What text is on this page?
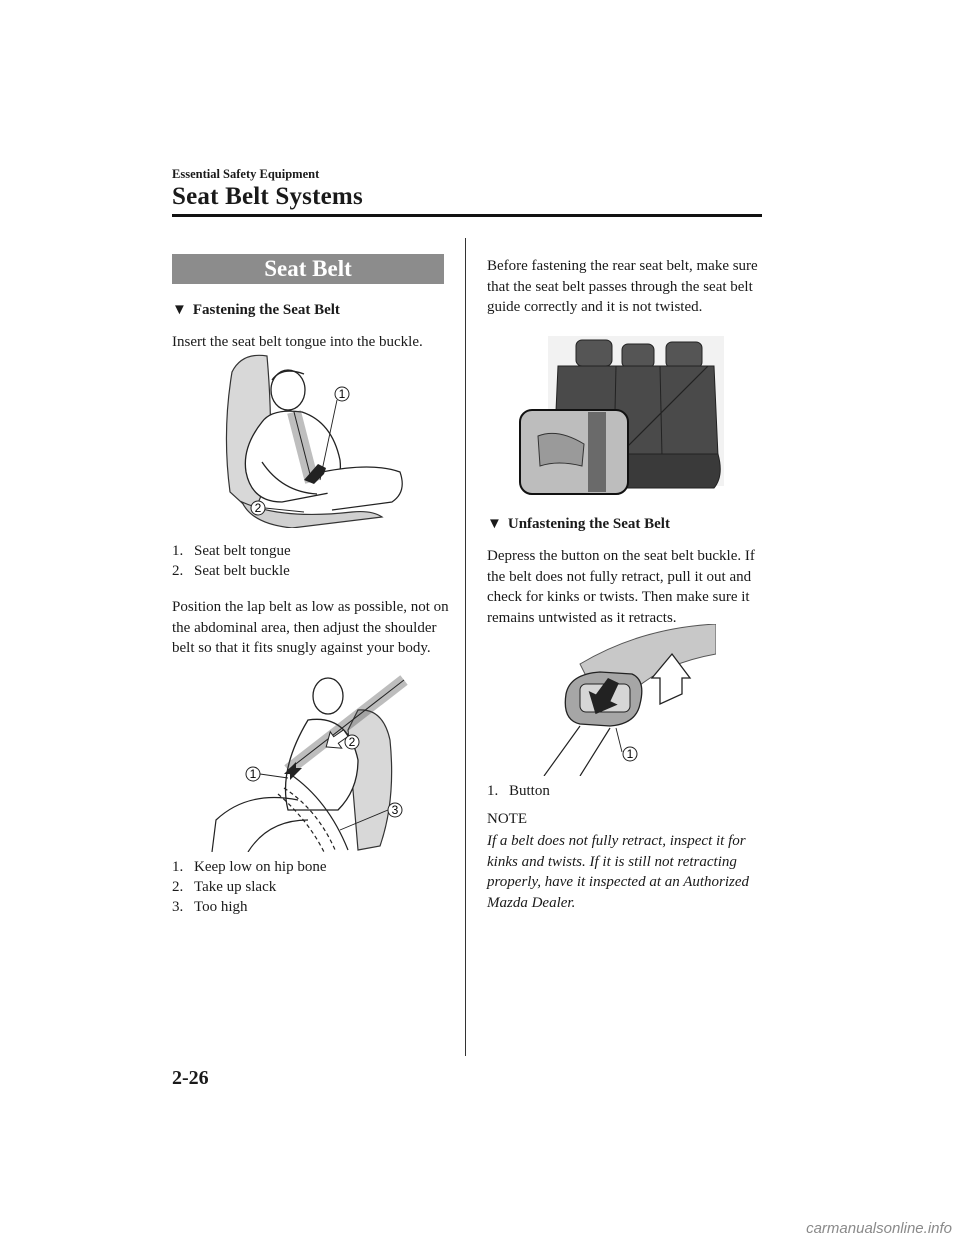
Essential Safety Equipment
Seat Belt Systems
Seat Belt
▼ Fastening the Seat Belt
Insert the seat belt tongue into the buckle.
1
2
1. Seat belt tongue
2. Seat belt buckle
Position the lap belt as low as possible, not on the abdominal area, then adjust the shoulder belt so that it fits snugly against your body.
2
1
3
1. Keep low on hip bone
2. Take up slack
3. Too high
Before fastening the rear seat belt, make sure that the seat belt passes through the seat belt guide correctly and it is not twisted.
▼ Unfastening the Seat Belt
Depress the button on the seat belt buckle. If the belt does not fully retract, pull it out and check for kinks or twists. Then make sure it remains untwisted as it retracts.
1
1. Button
NOTE
If a belt does not fully retract, inspect it for kinks and twists. If it is still not retracting properly, have it inspected at an Authorized Mazda Dealer.
2-26
carmanualsonline.info
